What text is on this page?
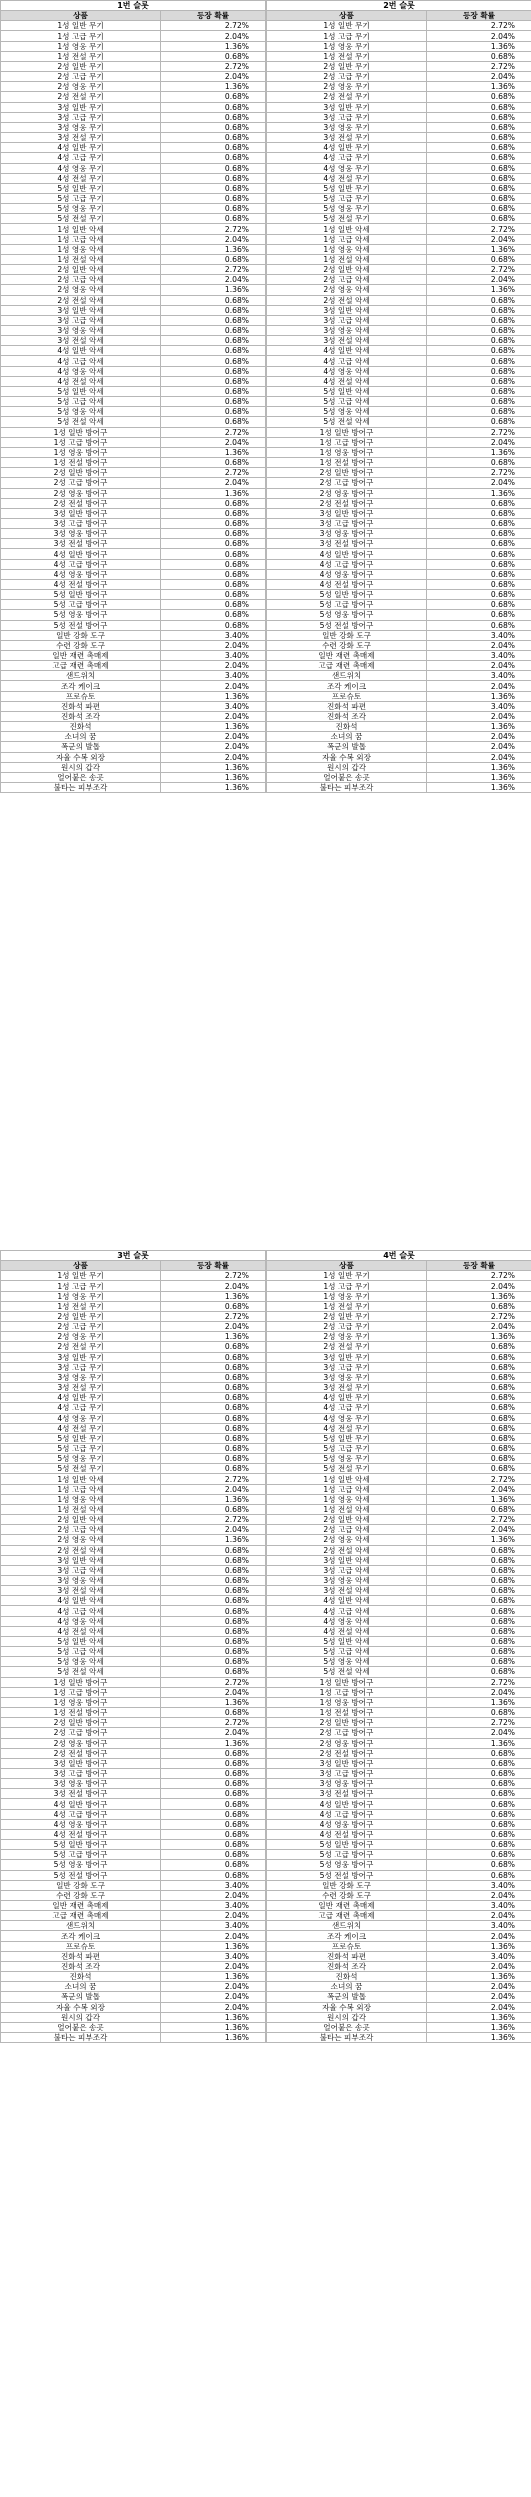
1번 슬롯	
상품	등장 확률
1성 일반 무기	2.72%
1성 고급 무기	2.04%
1성 영웅 무기	1.36%
1성 전설 무기	0.68%
2성 일반 무기	2.72%
2성 고급 무기	2.04%
2성 영웅 무기	1.36%
2성 전설 무기	0.68%
3성 일반 무기	0.68%
3성 고급 무기	0.68%
3성 영웅 무기	0.68%
3성 전설 무기	0.68%
4성 일반 무기	0.68%
4성 고급 무기	0.68%
4성 영웅 무기	0.68%
4성 전설 무기	0.68%
5성 일반 무기	0.68%
5성 고급 무기	0.68%
5성 영웅 무기	0.68%
5성 전설 무기	0.68%
1성 일반 악세	2.72%
1성 고급 악세	2.04%
1성 영웅 악세	1.36%
1성 전설 악세	0.68%
2성 일반 악세	2.72%
2성 고급 악세	2.04%
2성 영웅 악세	1.36%
2성 전설 악세	0.68%
3성 일반 악세	0.68%
3성 고급 악세	0.68%
3성 영웅 악세	0.68%
3성 전설 악세	0.68%
4성 일반 악세	0.68%
4성 고급 악세	0.68%
4성 영웅 악세	0.68%
4성 전설 악세	0.68%
5성 일반 악세	0.68%
5성 고급 악세	0.68%
5성 영웅 악세	0.68%
5성 전설 악세	0.68%
1성 일반 방어구	2.72%
1성 고급 방어구	2.04%
1성 영웅 방어구	1.36%
1성 전설 방어구	0.68%
2성 일반 방어구	2.72%
2성 고급 방어구	2.04%
2성 영웅 방어구	1.36%
2성 전설 방어구	0.68%
3성 일반 방어구	0.68%
3성 고급 방어구	0.68%
3성 영웅 방어구	0.68%
3성 전설 방어구	0.68%
4성 일반 방어구	0.68%
4성 고급 방어구	0.68%
4성 영웅 방어구	0.68%
4성 전설 방어구	0.68%
5성 일반 방어구	0.68%
5성 고급 방어구	0.68%
5성 영웅 방어구	0.68%
5성 전설 방어구	0.68%
일반 강화 도구	3.40%
수련 강화 도구	2.04%
일반 재련 촉매제	3.40%
고급 재련 촉매제	2.04%
샌드위치	3.40%
조각 케이크	2.04%
프로슈토	1.36%
진화석 파편	3.40%
진화석 조각	2.04%
진화석	1.36%
소녀의 꿈	2.04%
폭군의 발톱	2.04%
자율 수복 외장	2.04%
원시의 갑각	1.36%
얼어붙은 송곳	1.36%
불타는 피부조각	1.36%
2번 슬롯	
상품	등장 확률
1성 일반 무기	2.72%
1성 고급 무기	2.04%
1성 영웅 무기	1.36%
1성 전설 무기	0.68%
2성 일반 무기	2.72%
2성 고급 무기	2.04%
2성 영웅 무기	1.36%
2성 전설 무기	0.68%
3성 일반 무기	0.68%
3성 고급 무기	0.68%
3성 영웅 무기	0.68%
3성 전설 무기	0.68%
4성 일반 무기	0.68%
4성 고급 무기	0.68%
4성 영웅 무기	0.68%
4성 전설 무기	0.68%
5성 일반 무기	0.68%
5성 고급 무기	0.68%
5성 영웅 무기	0.68%
5성 전설 무기	0.68%
1성 일반 악세	2.72%
1성 고급 악세	2.04%
1성 영웅 악세	1.36%
1성 전설 악세	0.68%
2성 일반 악세	2.72%
2성 고급 악세	2.04%
2성 영웅 악세	1.36%
2성 전설 악세	0.68%
3성 일반 악세	0.68%
3성 고급 악세	0.68%
3성 영웅 악세	0.68%
3성 전설 악세	0.68%
4성 일반 악세	0.68%
4성 고급 악세	0.68%
4성 영웅 악세	0.68%
4성 전설 악세	0.68%
5성 일반 악세	0.68%
5성 고급 악세	0.68%
5성 영웅 악세	0.68%
5성 전설 악세	0.68%
1성 일반 방어구	2.72%
1성 고급 방어구	2.04%
1성 영웅 방어구	1.36%
1성 전설 방어구	0.68%
2성 일반 방어구	2.72%
2성 고급 방어구	2.04%
2성 영웅 방어구	1.36%
2성 전설 방어구	0.68%
3성 일반 방어구	0.68%
3성 고급 방어구	0.68%
3성 영웅 방어구	0.68%
3성 전설 방어구	0.68%
4성 일반 방어구	0.68%
4성 고급 방어구	0.68%
4성 영웅 방어구	0.68%
4성 전설 방어구	0.68%
5성 일반 방어구	0.68%
5성 고급 방어구	0.68%
5성 영웅 방어구	0.68%
5성 전설 방어구	0.68%
일반 강화 도구	3.40%
수련 강화 도구	2.04%
일반 재련 촉매제	3.40%
고급 재련 촉매제	2.04%
샌드위치	3.40%
조각 케이크	2.04%
프로슈토	1.36%
진화석 파편	3.40%
진화석 조각	2.04%
진화석	1.36%
소녀의 꿈	2.04%
폭군의 발톱	2.04%
자율 수복 외장	2.04%
원시의 갑각	1.36%
얼어붙은 송곳	1.36%
불타는 피부조각	1.36%
3번 슬롯	
상품	등장 확률
1성 일반 무기	2.72%
1성 고급 무기	2.04%
1성 영웅 무기	1.36%
1성 전설 무기	0.68%
2성 일반 무기	2.72%
2성 고급 무기	2.04%
2성 영웅 무기	1.36%
2성 전설 무기	0.68%
3성 일반 무기	0.68%
3성 고급 무기	0.68%
3성 영웅 무기	0.68%
3성 전설 무기	0.68%
4성 일반 무기	0.68%
4성 고급 무기	0.68%
4성 영웅 무기	0.68%
4성 전설 무기	0.68%
5성 일반 무기	0.68%
5성 고급 무기	0.68%
5성 영웅 무기	0.68%
5성 전설 무기	0.68%
1성 일반 악세	2.72%
1성 고급 악세	2.04%
1성 영웅 악세	1.36%
1성 전설 악세	0.68%
2성 일반 악세	2.72%
2성 고급 악세	2.04%
2성 영웅 악세	1.36%
2성 전설 악세	0.68%
3성 일반 악세	0.68%
3성 고급 악세	0.68%
3성 영웅 악세	0.68%
3성 전설 악세	0.68%
4성 일반 악세	0.68%
4성 고급 악세	0.68%
4성 영웅 악세	0.68%
4성 전설 악세	0.68%
5성 일반 악세	0.68%
5성 고급 악세	0.68%
5성 영웅 악세	0.68%
5성 전설 악세	0.68%
1성 일반 방어구	2.72%
1성 고급 방어구	2.04%
1성 영웅 방어구	1.36%
1성 전설 방어구	0.68%
2성 일반 방어구	2.72%
2성 고급 방어구	2.04%
2성 영웅 방어구	1.36%
2성 전설 방어구	0.68%
3성 일반 방어구	0.68%
3성 고급 방어구	0.68%
3성 영웅 방어구	0.68%
3성 전설 방어구	0.68%
4성 일반 방어구	0.68%
4성 고급 방어구	0.68%
4성 영웅 방어구	0.68%
4성 전설 방어구	0.68%
5성 일반 방어구	0.68%
5성 고급 방어구	0.68%
5성 영웅 방어구	0.68%
5성 전설 방어구	0.68%
일반 강화 도구	3.40%
수련 강화 도구	2.04%
일반 재련 촉매제	3.40%
고급 재련 촉매제	2.04%
샌드위치	3.40%
조각 케이크	2.04%
프로슈토	1.36%
진화석 파편	3.40%
진화석 조각	2.04%
진화석	1.36%
소녀의 꿈	2.04%
폭군의 발톱	2.04%
자율 수복 외장	2.04%
원시의 갑각	1.36%
얼어붙은 송곳	1.36%
불타는 피부조각	1.36%
4번 슬롯	
상품	등장 확률
1성 일반 무기	2.72%
1성 고급 무기	2.04%
1성 영웅 무기	1.36%
1성 전설 무기	0.68%
2성 일반 무기	2.72%
2성 고급 무기	2.04%
2성 영웅 무기	1.36%
2성 전설 무기	0.68%
3성 일반 무기	0.68%
3성 고급 무기	0.68%
3성 영웅 무기	0.68%
3성 전설 무기	0.68%
4성 일반 무기	0.68%
4성 고급 무기	0.68%
4성 영웅 무기	0.68%
4성 전설 무기	0.68%
5성 일반 무기	0.68%
5성 고급 무기	0.68%
5성 영웅 무기	0.68%
5성 전설 무기	0.68%
1성 일반 악세	2.72%
1성 고급 악세	2.04%
1성 영웅 악세	1.36%
1성 전설 악세	0.68%
2성 일반 악세	2.72%
2성 고급 악세	2.04%
2성 영웅 악세	1.36%
2성 전설 악세	0.68%
3성 일반 악세	0.68%
3성 고급 악세	0.68%
3성 영웅 악세	0.68%
3성 전설 악세	0.68%
4성 일반 악세	0.68%
4성 고급 악세	0.68%
4성 영웅 악세	0.68%
4성 전설 악세	0.68%
5성 일반 악세	0.68%
5성 고급 악세	0.68%
5성 영웅 악세	0.68%
5성 전설 악세	0.68%
1성 일반 방어구	2.72%
1성 고급 방어구	2.04%
1성 영웅 방어구	1.36%
1성 전설 방어구	0.68%
2성 일반 방어구	2.72%
2성 고급 방어구	2.04%
2성 영웅 방어구	1.36%
2성 전설 방어구	0.68%
3성 일반 방어구	0.68%
3성 고급 방어구	0.68%
3성 영웅 방어구	0.68%
3성 전설 방어구	0.68%
4성 일반 방어구	0.68%
4성 고급 방어구	0.68%
4성 영웅 방어구	0.68%
4성 전설 방어구	0.68%
5성 일반 방어구	0.68%
5성 고급 방어구	0.68%
5성 영웅 방어구	0.68%
5성 전설 방어구	0.68%
일반 강화 도구	3.40%
수련 강화 도구	2.04%
일반 재련 촉매제	3.40%
고급 재련 촉매제	2.04%
샌드위치	3.40%
조각 케이크	2.04%
프로슈토	1.36%
진화석 파편	3.40%
진화석 조각	2.04%
진화석	1.36%
소녀의 꿈	2.04%
폭군의 발톱	2.04%
자율 수복 외장	2.04%
원시의 갑각	1.36%
얼어붙은 송곳	1.36%
불타는 피부조각	1.36%
